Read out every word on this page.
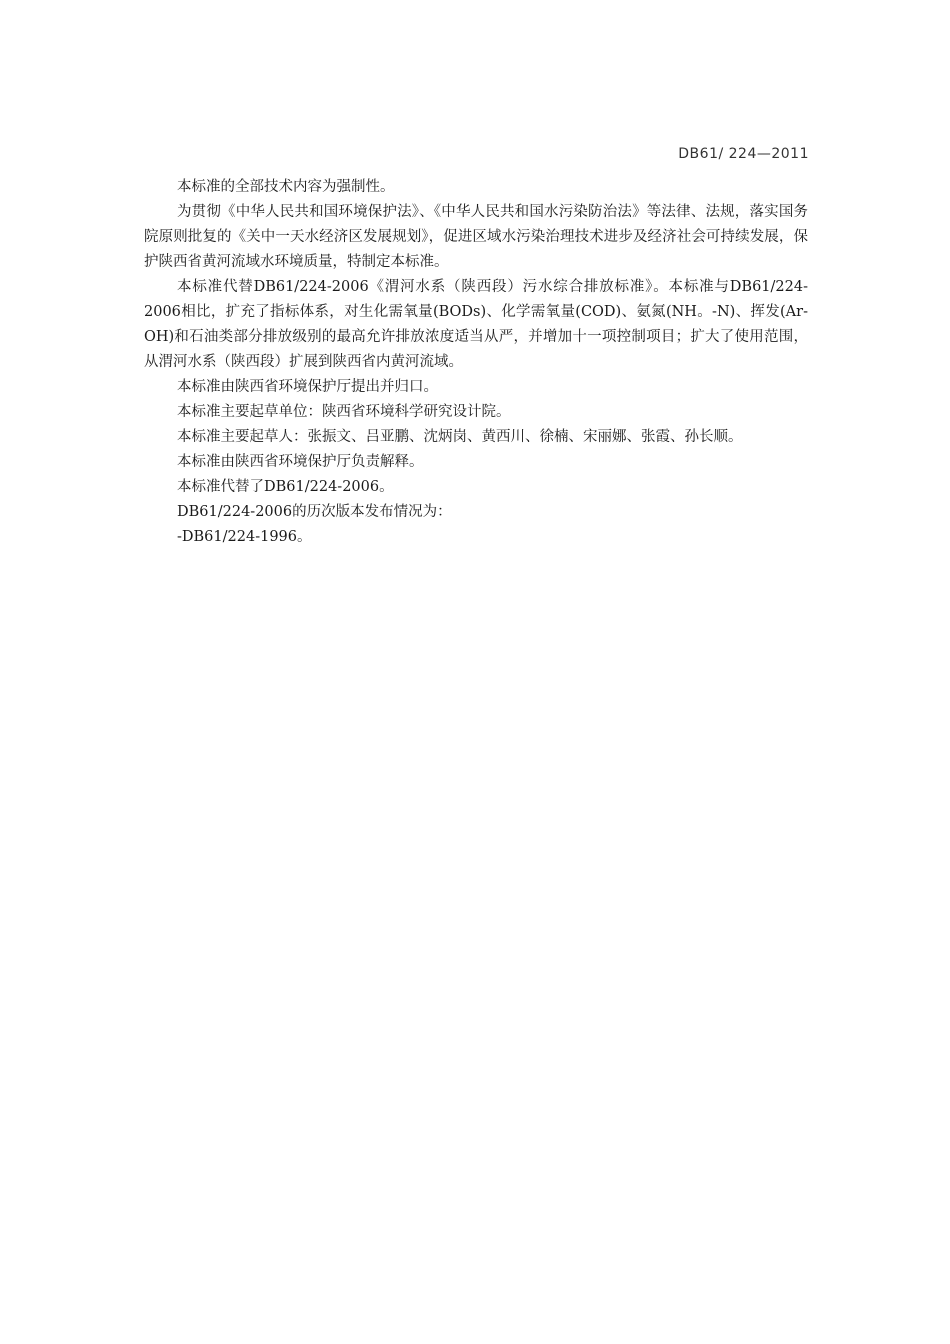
DB61/ 224—2011

本标准的全部技术内容为强制性。

为贯彻《中华人民共和国环境保护法》、《中华人民共和国水污染防治法》等法律、法规，落实国务院原则批复的《关中一天水经济区发展规划》，促进区域水污染治理技术进步及经济社会可持续发展，保护陕西省黄河流域水环境质量，特制定本标准。

本标准代替DB61/224-2006《渭河水系（陕西段）污水综合排放标准》。本标准与DB61/224-2006相比，扩充了指标体系，对生化需氧量(BODs)、化学需氧量(COD)、氨氮(NH。-N)、挥发(Ar-OH)和石油类部分排放级别的最高允许排放浓度适当从严，并增加十一项控制项目；扩大了使用范围，从渭河水系（陕西段）扩展到陕西省内黄河流域。

本标准由陕西省环境保护厅提出并归口。

本标准主要起草单位：陕西省环境科学研究设计院。

本标准主要起草人：张振文、吕亚鹏、沈炳岗、黄西川、徐楠、宋丽娜、张霞、孙长顺。

本标准由陕西省环境保护厅负责解释。

本标准代替了DB61/224-2006。

DB61/224-2006的历次版本发布情况为：

-DB61/224-1996。
